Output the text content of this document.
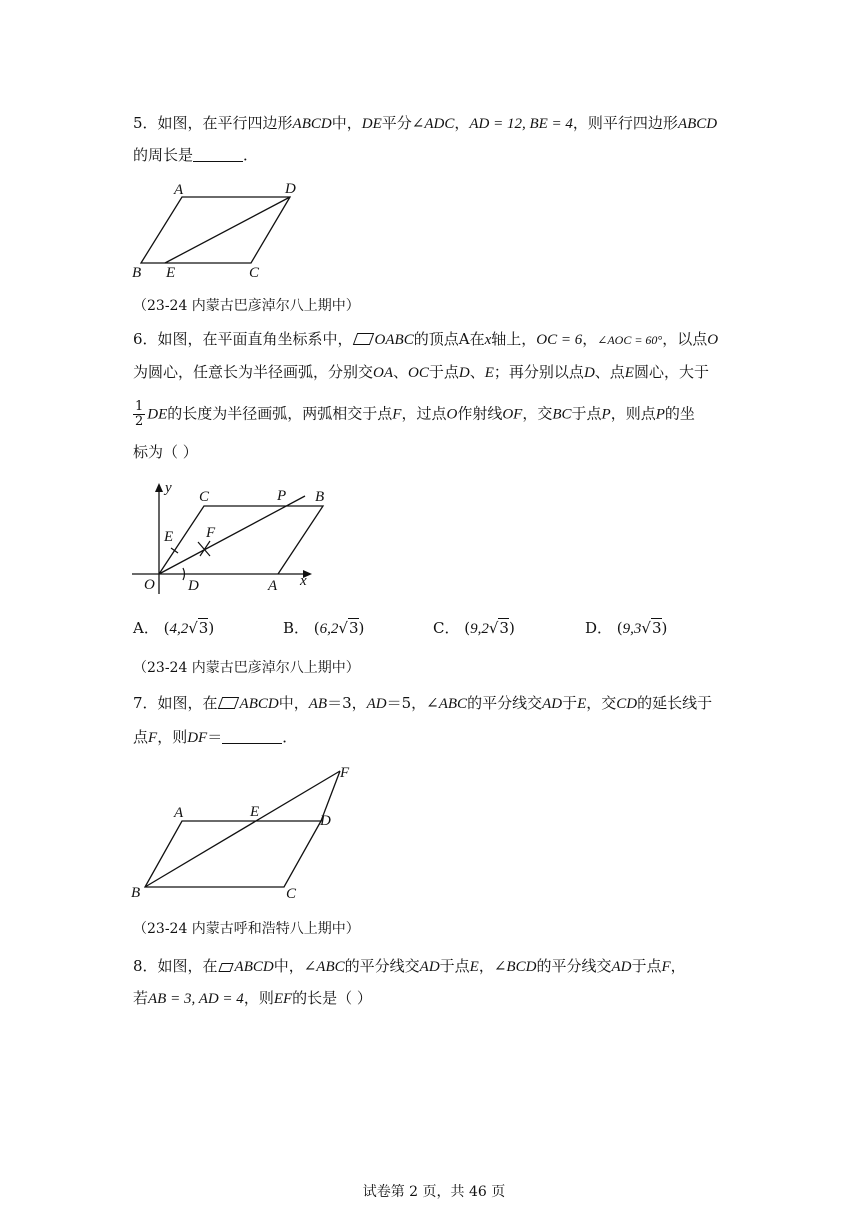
5．如图，在平行四边形ABCD中，DE平分∠ADC，AD = 12, BE = 4，则平行四边形ABCD
的周长是	．
A	D
B E	C
（23-24 内蒙古巴彦淖尔八上期中）
6．如图，在平面直角坐标系中， OABC的顶点A在x轴上，OC = 6，∠AOC = 60°，以点O
为圆心，任意长为半径画弧，分别交OA、OC于点D、E；再分别以点D、点E圆心，大于
$\frac{1}{2}$ DE的长度为半径画弧，两弧相交于点F，过点O作射线OF，交BC于点P，则点P的坐
标为（ ）
y
C	P B
E F
O D	A x
A． (4,2√3)	B． (6,2√3)	C． (9,2√3)	D． (9,3√3)
（23-24 内蒙古巴彦淖尔八上期中）
7．如图，在 ABCD中，AB＝3，AD＝5，∠ABC的平分线交AD于E，交CD的延长线于
点F，则DF＝	．
F
A	E
D
B	C
（23-24 内蒙古呼和浩特八上期中）
8．如图，在 ABCD中，∠ABC的平分线交AD于点E，∠BCD的平分线交AD于点F，
若AB = 3, AD = 4，则EF的长是（ ）
试卷第 2 页，共 46 页
